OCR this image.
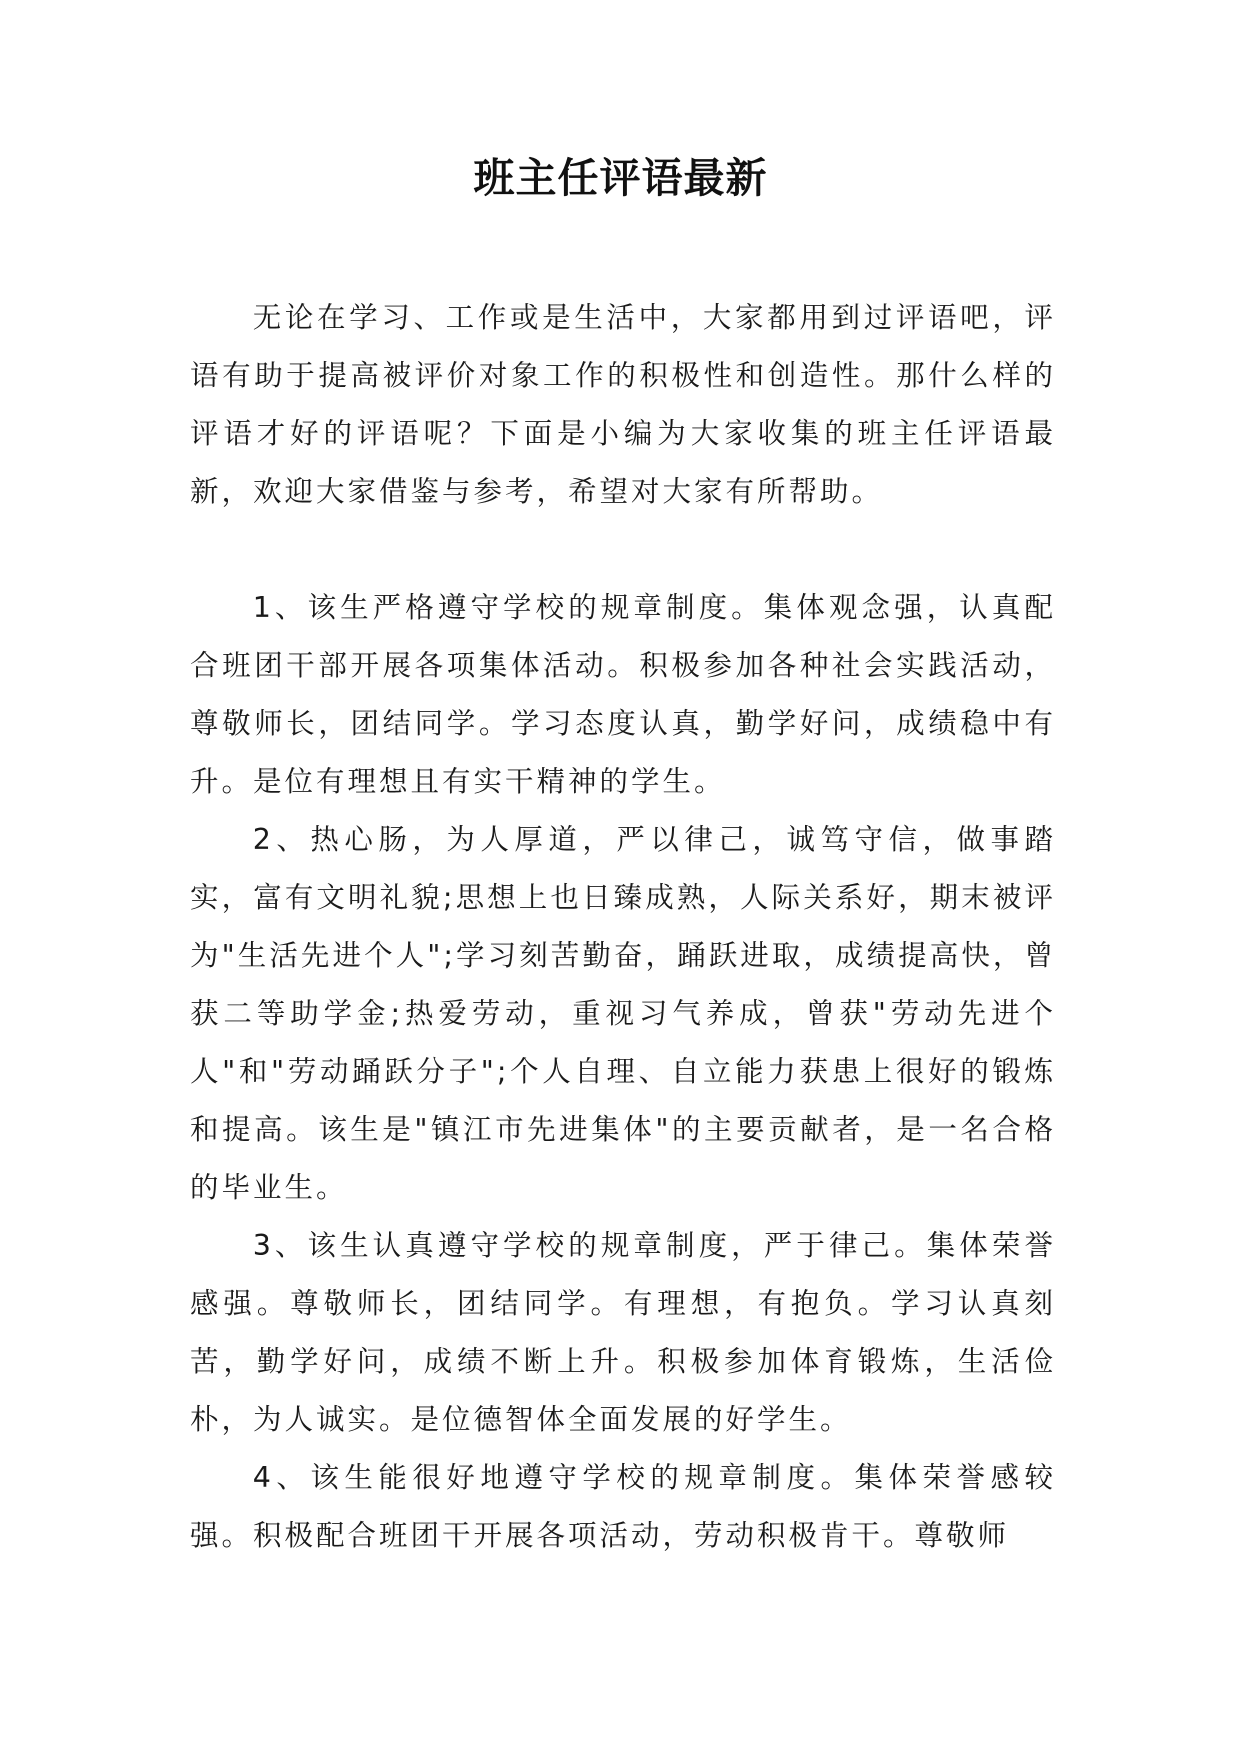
班主任评语最新

无论在学习、工作或是生活中，大家都用到过评语吧，评语有助于提高被评价对象工作的积极性和创造性。那什么样的评语才好的评语呢？下面是小编为大家收集的班主任评语最新，欢迎大家借鉴与参考，希望对大家有所帮助。

1、该生严格遵守学校的规章制度。集体观念强，认真配合班团干部开展各项集体活动。积极参加各种社会实践活动，尊敬师长，团结同学。学习态度认真，勤学好问，成绩稳中有升。是位有理想且有实干精神的学生。

2、热心肠，为人厚道，严以律己，诚笃守信，做事踏实，富有文明礼貌;思想上也日臻成熟，人际关系好，期末被评为"生活先进个人";学习刻苦勤奋，踊跃进取，成绩提高快，曾获二等助学金;热爱劳动，重视习气养成，曾获"劳动先进个人"和"劳动踊跃分子";个人自理、自立能力获患上很好的锻炼和提高。该生是"镇江市先进集体"的主要贡献者，是一名合格的毕业生。

3、该生认真遵守学校的规章制度，严于律己。集体荣誉感强。尊敬师长，团结同学。有理想，有抱负。学习认真刻苦，勤学好问，成绩不断上升。积极参加体育锻炼，生活俭朴，为人诚实。是位德智体全面发展的好学生。

4、该生能很好地遵守学校的规章制度。集体荣誉感较强。积极配合班团干开展各项活动，劳动积极肯干。尊敬师
